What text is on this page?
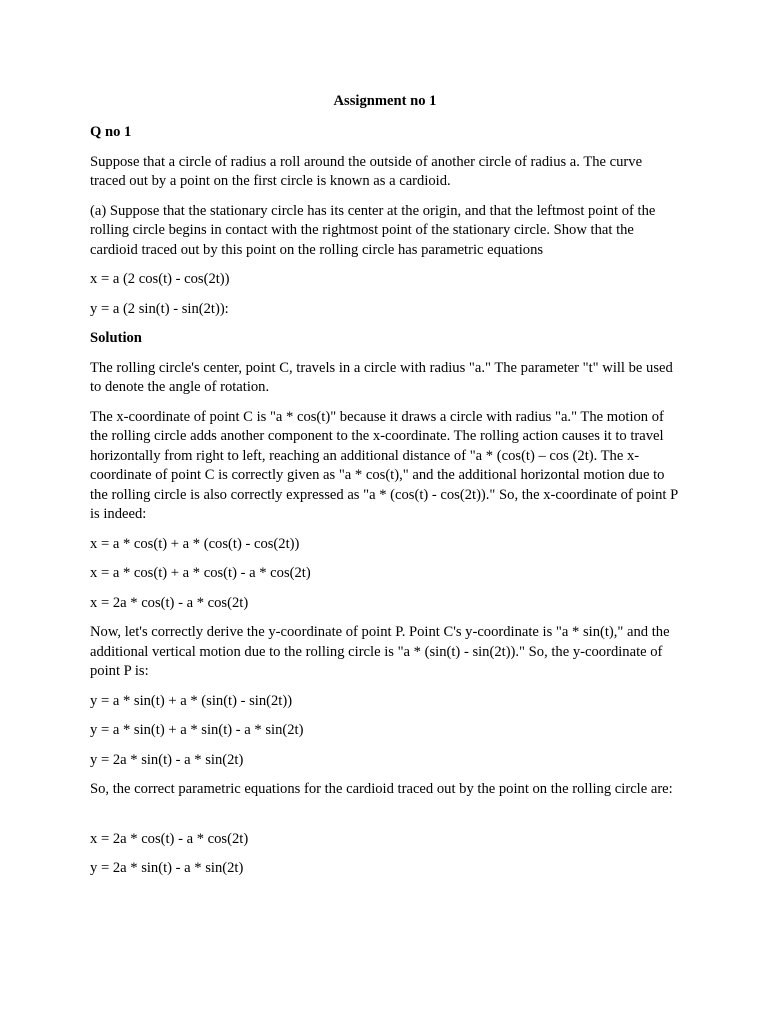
Assignment no 1
Q no 1

Suppose that a circle of radius a roll around the outside of another circle of radius a. The curve traced out by a point on the first circle is known as a cardioid.

(a) Suppose that the stationary circle has its center at the origin, and that the leftmost point of the rolling circle begins in contact with the rightmost point of the stationary circle. Show that the cardioid traced out by this point on the rolling circle has parametric equations

x = a (2 cos(t) - cos(2t))
y = a (2 sin(t) - sin(2t)):
Solution

The rolling circle's center, point C, travels in a circle with radius "a." The parameter "t" will be used to denote the angle of rotation.

The x-coordinate of point C is "a * cos(t)" because it draws a circle with radius "a." The motion of the rolling circle adds another component to the x-coordinate. The rolling action causes it to travel horizontally from right to left, reaching an additional distance of "a * (cos(t) – cos (2t). The x-coordinate of point C is correctly given as "a * cos(t)," and the additional horizontal motion due to the rolling circle is also correctly expressed as "a * (cos(t) - cos(2t))." So, the x-coordinate of point P is indeed:

x = a * cos(t) + a * (cos(t) - cos(2t))
x = a * cos(t) + a * cos(t) - a * cos(2t)
x = 2a * cos(t) - a * cos(2t)

Now, let's correctly derive the y-coordinate of point P. Point C's y-coordinate is "a * sin(t)," and the additional vertical motion due to the rolling circle is "a * (sin(t) - sin(2t))." So, the y-coordinate of point P is:

y = a * sin(t) + a * (sin(t) - sin(2t))
y = a * sin(t) + a * sin(t) - a * sin(2t)
y = 2a * sin(t) - a * sin(2t)

So, the correct parametric equations for the cardioid traced out by the point on the rolling circle are:

x = 2a * cos(t) - a * cos(2t)
y = 2a * sin(t) - a * sin(2t)
